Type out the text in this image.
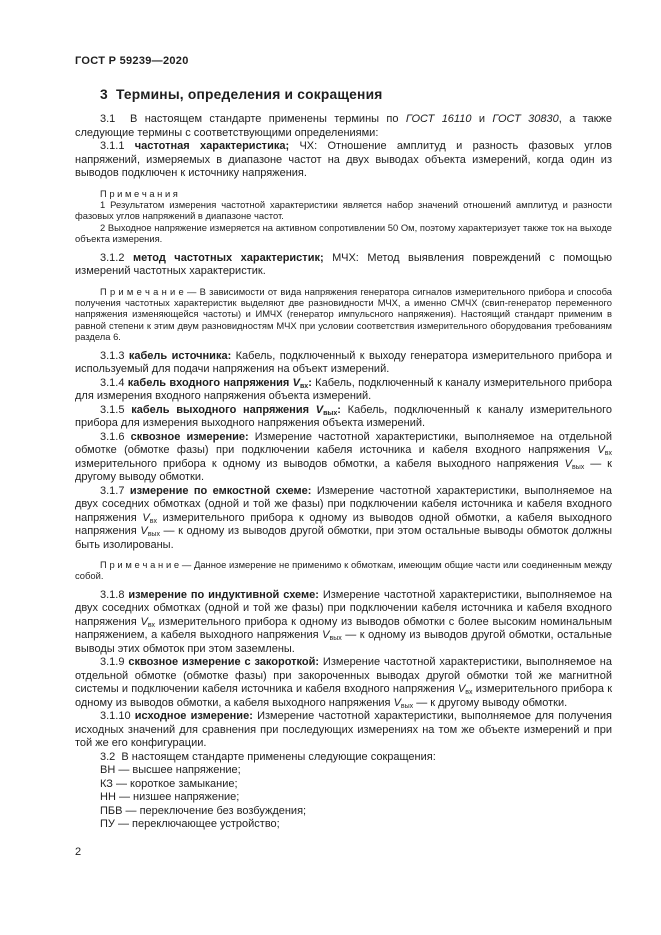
ГОСТ Р 59239—2020
3  Термины, определения и сокращения
3.1  В настоящем стандарте применены термины по ГОСТ 16110 и ГОСТ 30830, а также следующие термины с соответствующими определениями:
3.1.1 частотная характеристика; ЧХ: Отношение амплитуд и разность фазовых углов напряжений, измеряемых в диапазоне частот на двух выводах объекта измерений, когда один из выводов подключен к источнику напряжения.
П р и м е ч а н и я
1 Результатом измерения частотной характеристики является набор значений отношений амплитуд и разности фазовых углов напряжений в диапазоне частот.
2 Выходное напряжение измеряется на активном сопротивлении 50 Ом, поэтому характеризует также ток на выходе объекта измерения.
3.1.2 метод частотных характеристик; МЧХ: Метод выявления повреждений с помощью измерений частотных характеристик.
П р и м е ч а н и е — В зависимости от вида напряжения генератора сигналов измерительного прибора и способа получения частотных характеристик выделяют две разновидности МЧХ, а именно СМЧХ (свип-генератор переменного напряжения изменяющейся частоты) и ИМЧХ (генератор импульсного напряжения). Настоящий стандарт применим в равной степени к этим двум разновидностям МЧХ при условии соответствия измерительного оборудования требованиям раздела 6.
3.1.3 кабель источника: Кабель, подключенный к выходу генератора измерительного прибора и используемый для подачи напряжения на объект измерений.
3.1.4 кабель входного напряжения $V_{вх}$: Кабель, подключенный к каналу измерительного прибора для измерения входного напряжения объекта измерений.
3.1.5 кабель выходного напряжения $V_{вых}$: Кабель, подключенный к каналу измерительного прибора для измерения выходного напряжения объекта измерений.
3.1.6 сквозное измерение: Измерение частотной характеристики, выполняемое на отдельной обмотке (обмотке фазы) при подключении кабеля источника и кабеля входного напряжения $V_{вх}$ измерительного прибора к одному из выводов обмотки, а кабеля выходного напряжения $V_{вых}$ — к другому выводу обмотки.
3.1.7 измерение по емкостной схеме: Измерение частотной характеристики, выполняемое на двух соседних обмотках (одной и той же фазы) при подключении кабеля источника и кабеля входного напряжения $V_{вх}$ измерительного прибора к одному из выводов одной обмотки, а кабеля выходного напряжения $V_{вых}$ — к одному из выводов другой обмотки, при этом остальные выводы обмоток должны быть изолированы.
П р и м е ч а н и е — Данное измерение не применимо к обмоткам, имеющим общие части или соединенным между собой.
3.1.8 измерение по индуктивной схеме: Измерение частотной характеристики, выполняемое на двух соседних обмотках (одной и той же фазы) при подключении кабеля источника и кабеля входного напряжения $V_{вх}$ измерительного прибора к одному из выводов обмотки с более высоким номинальным напряжением, а кабеля выходного напряжения $V_{вых}$ — к одному из выводов другой обмотки, остальные выводы этих обмоток при этом заземлены.
3.1.9 сквозное измерение с закороткой: Измерение частотной характеристики, выполняемое на отдельной обмотке (обмотке фазы) при закороченных выводах другой обмотки той же магнитной системы и подключении кабеля источника и кабеля входного напряжения $V_{вх}$ измерительного прибора к одному из выводов обмотки, а кабеля выходного напряжения $V_{вых}$ — к другому выводу обмотки.
3.1.10 исходное измерение: Измерение частотной характеристики, выполняемое для получения исходных значений для сравнения при последующих измерениях на том же объекте измерений и при той же его конфигурации.
3.2  В настоящем стандарте применены следующие сокращения:
ВН — высшее напряжение;
КЗ — короткое замыкание;
НН — низшее напряжение;
ПБВ — переключение без возбуждения;
ПУ — переключающее устройство;
2
